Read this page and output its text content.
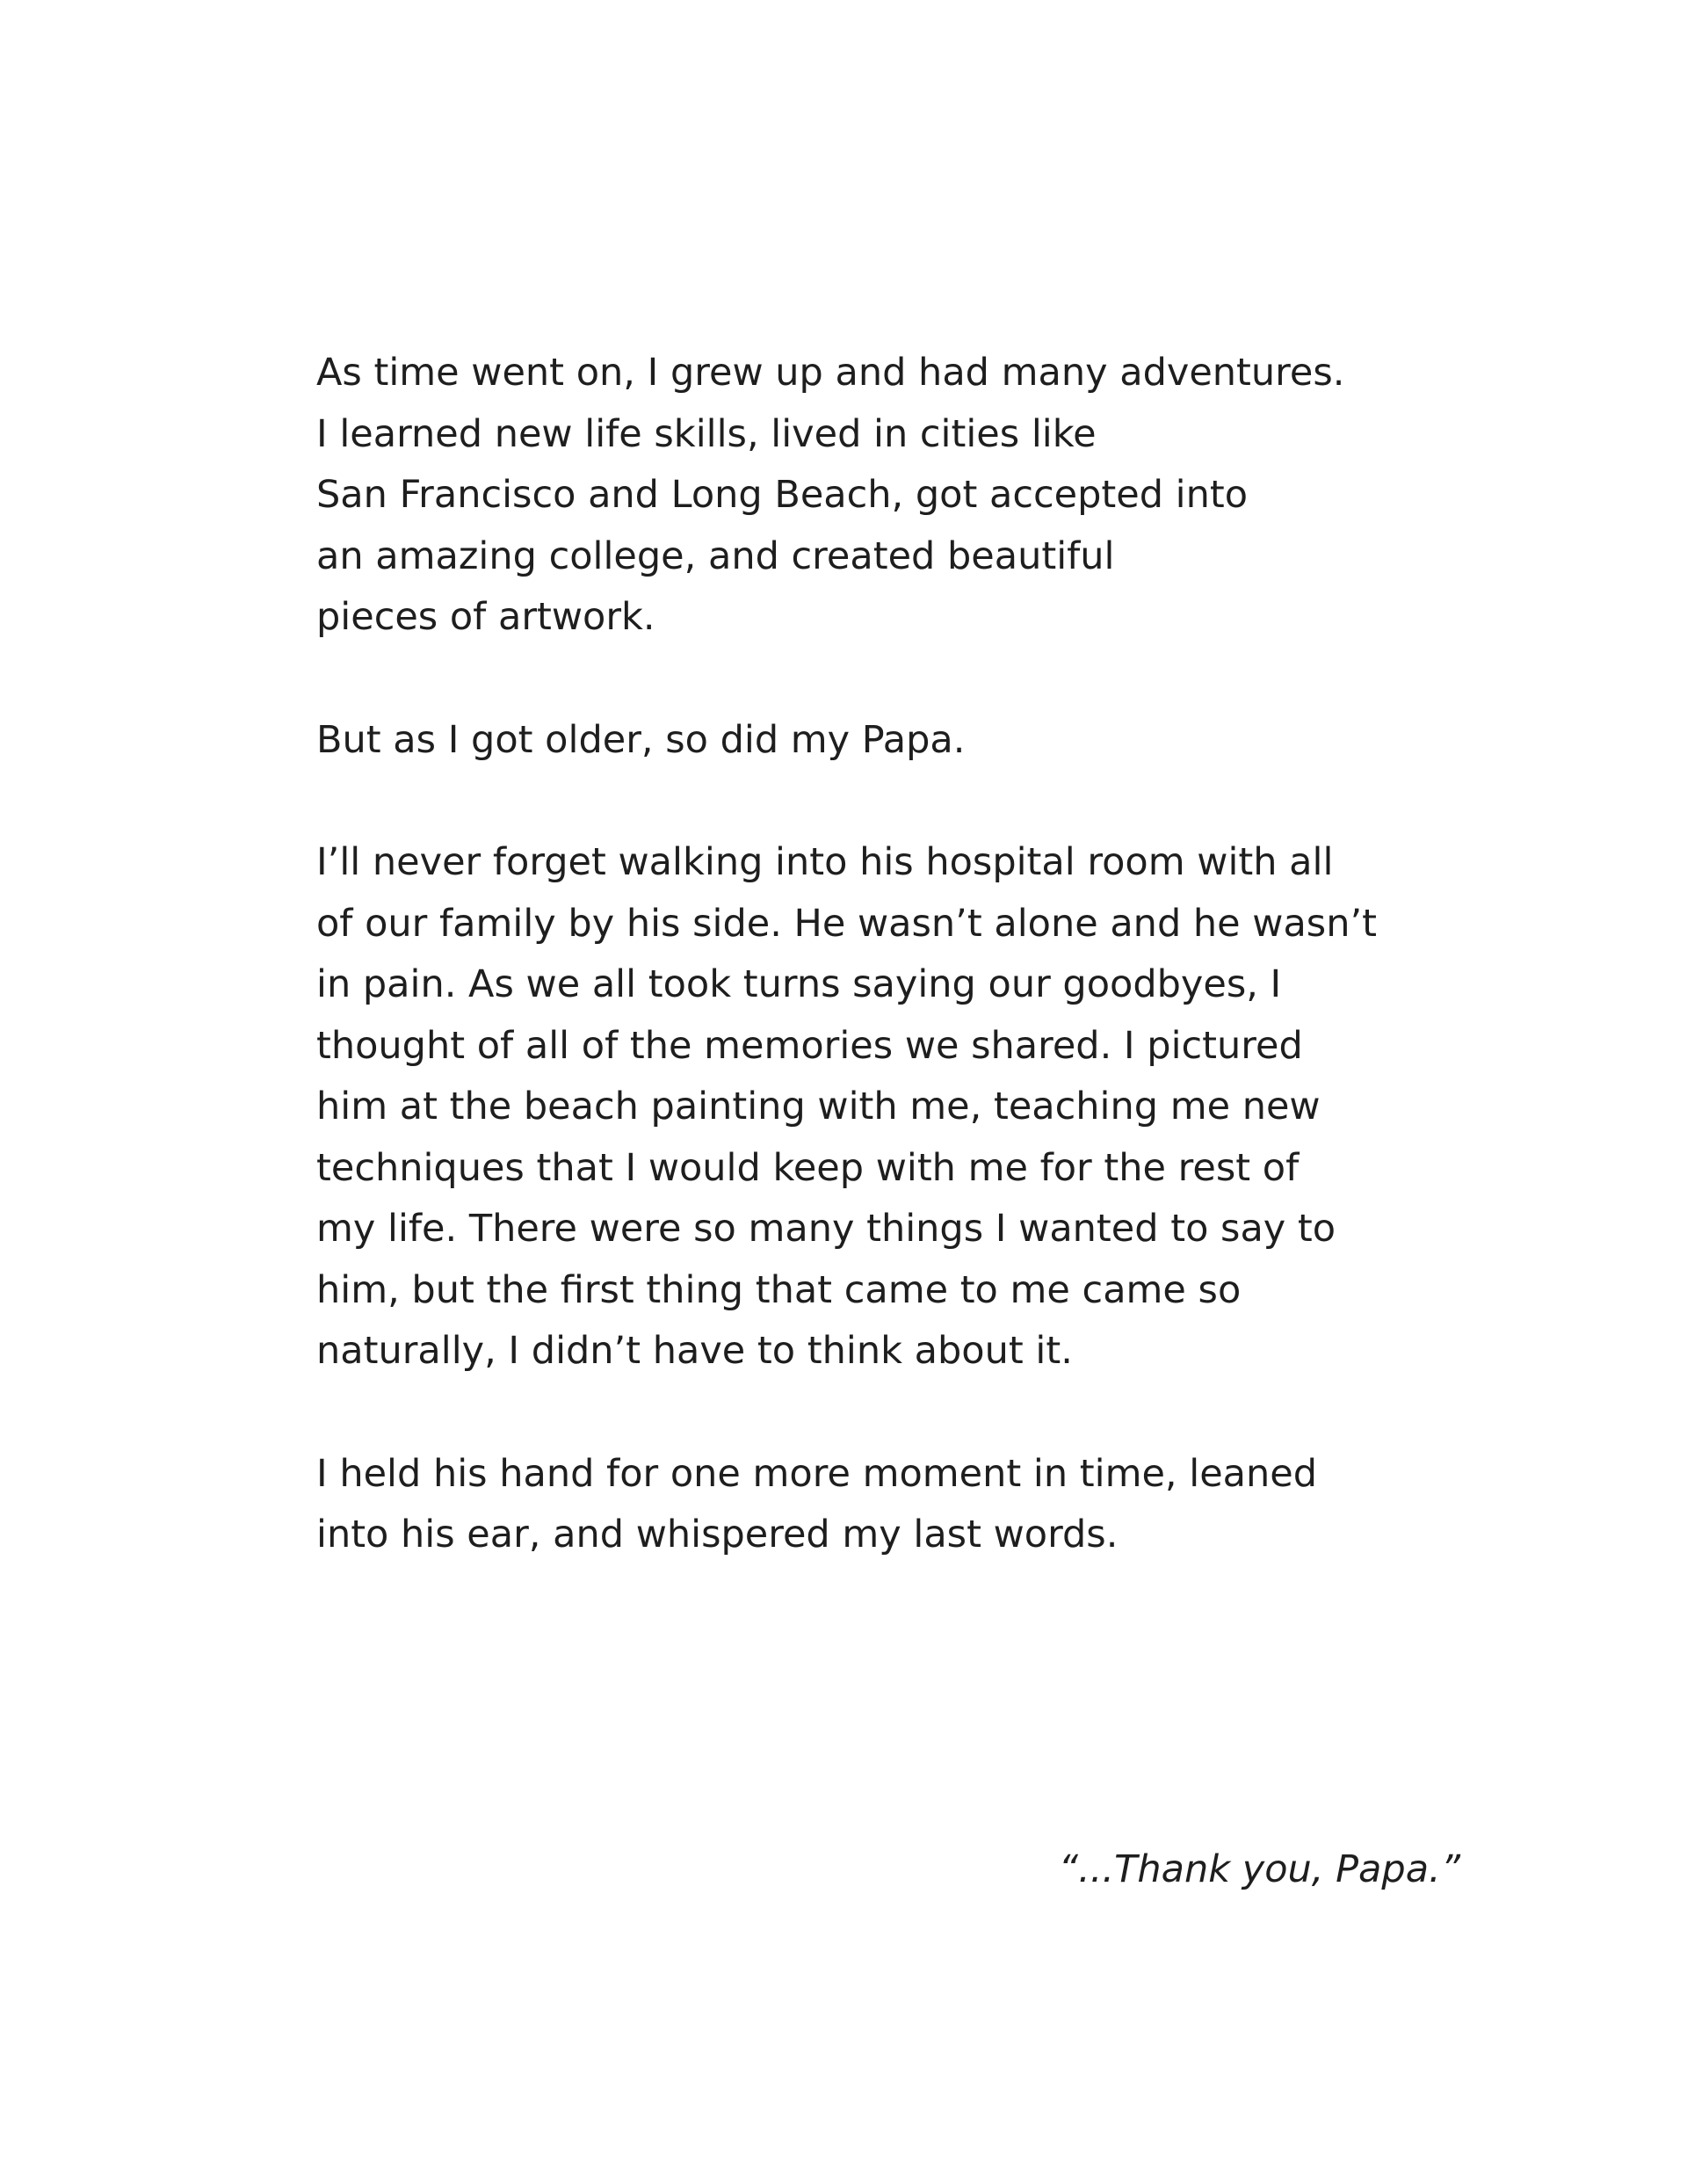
As time went on, I grew up and had many adventures.
I learned new life skills, lived in cities like
San Francisco and Long Beach, got accepted into
an amazing college, and created beautiful
pieces of artwork.

But as I got older, so did my Papa.

I’ll never forget walking into his hospital room with all
of our family by his side. He wasn’t alone and he wasn’t
in pain. As we all took turns saying our goodbyes, I
thought of all of the memories we shared. I pictured
him at the beach painting with me, teaching me new
techniques that I would keep with me for the rest of
my life. There were so many things I wanted to say to
him, but the first thing that came to me came so
naturally, I didn’t have to think about it.

I held his hand for one more moment in time, leaned
into his ear, and whispered my last words.

“...Thank you, Papa.”
